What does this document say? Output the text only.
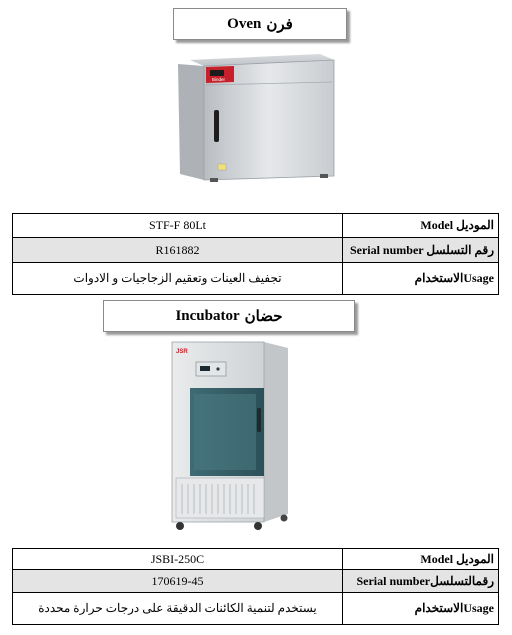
Oven فرن
Binder
STF-F 80Lt	Model الموديل
R161882	Serial number رقم التسلسل
تجفيف العينات وتعقيم الزجاجيات و الادوات	الاستخدامUsage
Incubator حضان
JSR
JSBI-250C	Model الموديل
170619-45	Serial numberرقمالتسلسل
يستخدم لتنمية الكائنات الدقيقة على درجات حرارة محددة	الاستخدامUsage
